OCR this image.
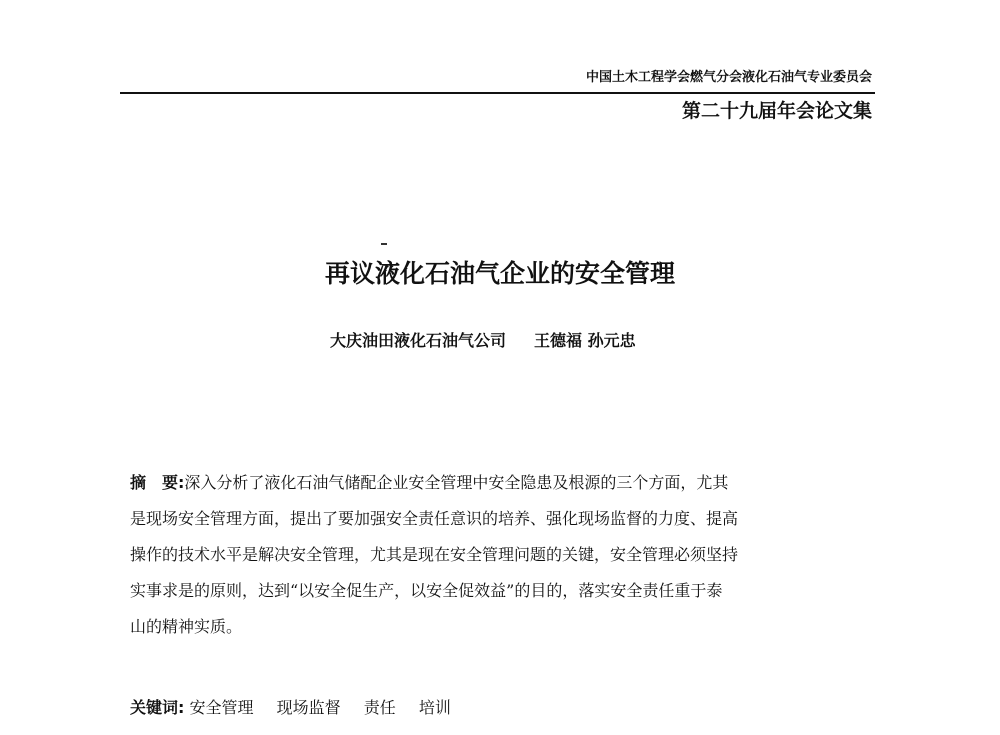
中国土木工程学会燃气分会液化石油气专业委员会
第二十九届年会论文集
再议液化石油气企业的安全管理
大庆油田液化石油气公司 王德福 孙元忠
摘　要:深入分析了液化石油气储配企业安全管理中安全隐患及根源的三个方面，尤其
是现场安全管理方面，提出了要加强安全责任意识的培养、强化现场监督的力度、提高
操作的技术水平是解决安全管理，尤其是现在安全管理问题的关键，安全管理必须坚持
实事求是的原则，达到“以安全促生产，以安全促效益”的目的，落实安全责任重于泰
山的精神实质。
关键词: 安全管理 现场监督 责任 培训
